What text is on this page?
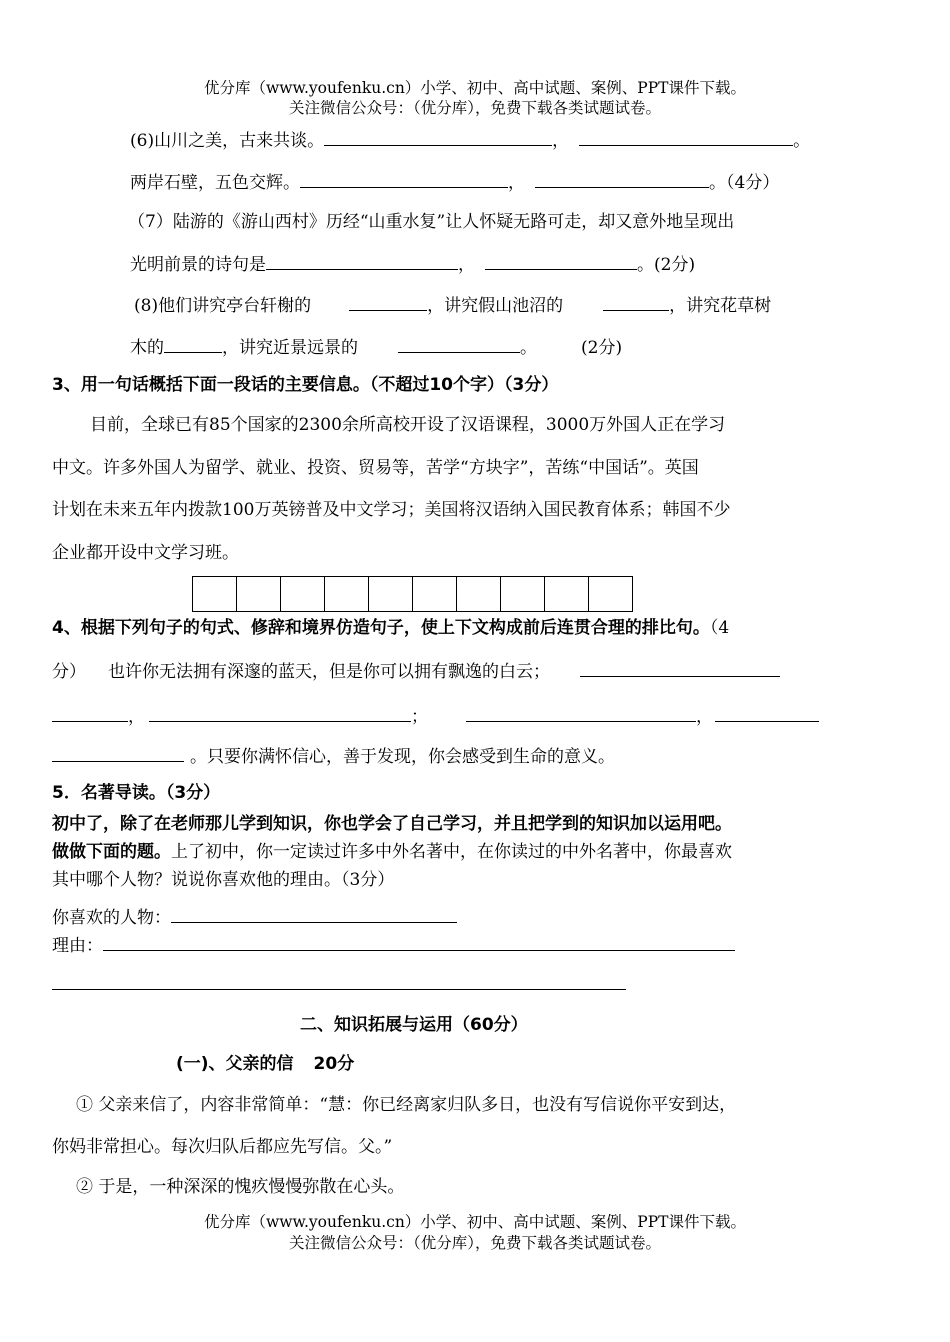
优分库（www.youfenku.cn）小学、初中、高中试题、案例、PPT课件下载。
关注微信公众号：（优分库），免费下载各类试题试卷。
(6)山川之美，古来共谈。	，	。
两岸石壁，五色交辉。	，	。（4分）
（7）陆游的《游山西村》历经“山重水复”让人怀疑无路可走，却又意外地呈现出
光明前景的诗句是	，	。(2分)
(8)他们讲究亭台轩榭的	，讲究假山池沼的	，讲究花草树
木的	，讲究近景远景的	。	(2分)
3、用一句话概括下面一段话的主要信息。（不超过10个字）（3分）
目前，全球已有85个国家的2300余所高校开设了汉语课程，3000万外国人正在学习
中文。许多外国人为留学、就业、投资、贸易等，苦学“方块字”，苦练“中国话”。英国
计划在未来五年内拨款100万英镑普及中文学习；美国将汉语纳入国民教育体系；韩国不少
企业都开设中文学习班。
4、根据下列句子的句式、修辞和境界仿造句子，使上下文构成前后连贯合理的排比句。（4
分） 也许你无法拥有深邃的蓝天，但是你可以拥有飘逸的白云；
，	；	，
。只要你满怀信心，善于发现，你会感受到生命的意义。
5．名著导读。（3分）
初中了，除了在老师那儿学到知识，你也学会了自己学习，并且把学到的知识加以运用吧。
做做下面的题。上了初中，你一定读过许多中外名著中，在你读过的中外名著中，你最喜欢
其中哪个人物？说说你喜欢他的理由。（3分）
你喜欢的人物：
理由：
二、知识拓展与运用（60分）
(一)、父亲的信 20分
① 父亲来信了，内容非常简单：“慧：你已经离家归队多日，也没有写信说你平安到达，
你妈非常担心。每次归队后都应先写信。父。”
② 于是，一种深深的愧疚慢慢弥散在心头。
优分库（www.youfenku.cn）小学、初中、高中试题、案例、PPT课件下载。
关注微信公众号：（优分库），免费下载各类试题试卷。
